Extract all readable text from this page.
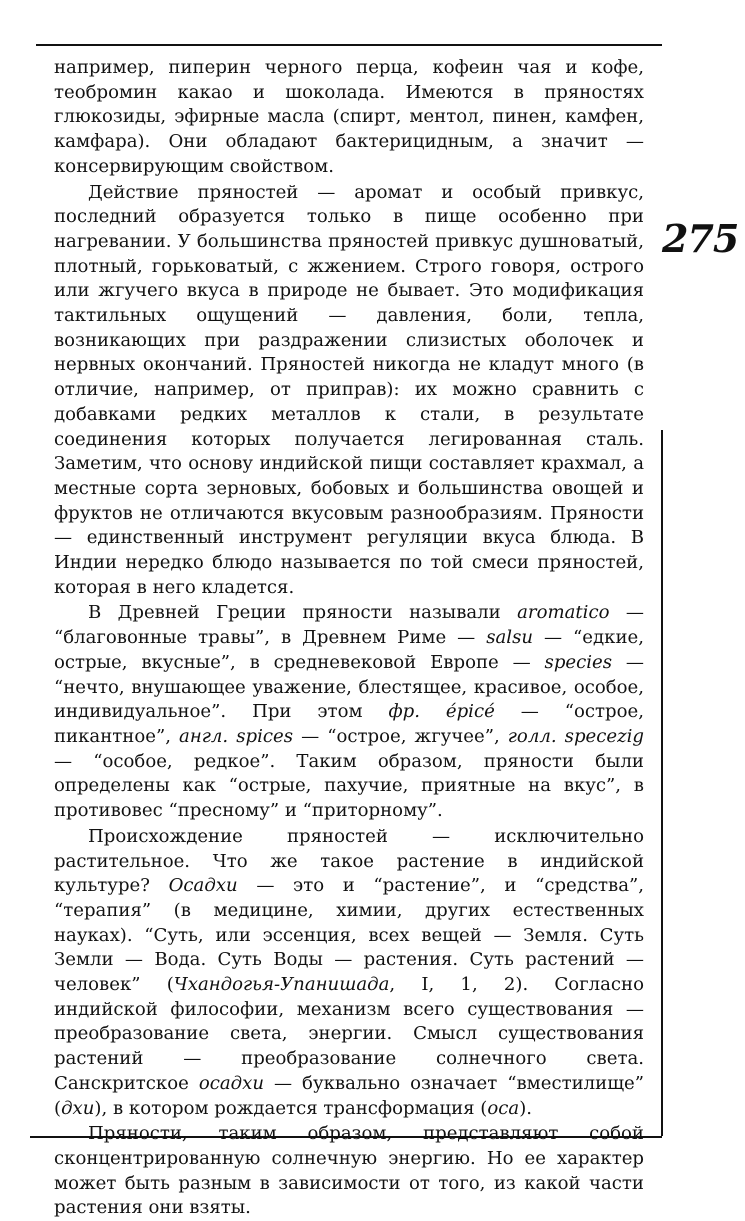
275

например, пиперин черного перца, кофеин чая и кофе, теобромин какао и шоколада. Имеются в пряностях глюкозиды, эфирные масла (спирт, ментол, пинен, камфен, камфара). Они обладают бактерицидным, а значит — консервирующим свойством.

Действие пряностей — аромат и особый привкус, последний образуется только в пище особенно при нагревании. У большинства пряностей привкус душноватый, плотный, горьковатый, с жжением. Строго говоря, острого или жгучего вкуса в природе не бывает. Это модификация тактильных ощущений — давления, боли, тепла, возникающих при раздражении слизистых оболочек и нервных окончаний. Пряностей никогда не кладут много (в отличие, например, от приправ): их можно сравнить с добавками редких металлов к стали, в результате соединения которых получается легированная сталь. Заметим, что основу индийской пищи составляет крахмал, а местные сорта зерновых, бобовых и большинства овощей и фруктов не отличаются вкусовым разнообразиям. Пряности — единственный инструмент регуляции вкуса блюда. В Индии нередко блюдо называется по той смеси пряностей, которая в него кладется.

В Древней Греции пряности называли aromatico — “благовонные травы”, в Древнем Риме — salsu — “едкие, острые, вкусные”, в средневековой Европе — species — “нечто, внушающее уважение, блестящее, красивое, особое, индивидуальное”. При этом фр. épicé — “острое, пикантное”, англ. spices — “острое, жгучее”, голл. specezig — “особое, редкое”. Таким образом, пряности были определены как “острые, пахучие, приятные на вкус”, в противовес “пресному” и “приторному”.

Происхождение пряностей — исключительно растительное. Что же такое растение в индийской культуре? Осадхи — это и “растение”, и “средства”, “терапия” (в медицине, химии, других естественных науках). “Суть, или эссенция, всех вещей — Земля. Суть Земли — Вода. Суть Воды — растения. Суть растений — человек” (Чхандогья-Упанишада, I, 1, 2). Согласно индийской философии, механизм всего существования — преобразование света, энергии. Смысл существования растений — преобразование солнечного света. Санскритское осадхи — буквально означает “вместилище” (дхи), в котором рождается трансформация (оса).

Пряности, таким образом, представляют собой сконцентрированную солнечную энергию. Но ее характер может быть разным в зависимости от того, из какой части растения они взяты.
